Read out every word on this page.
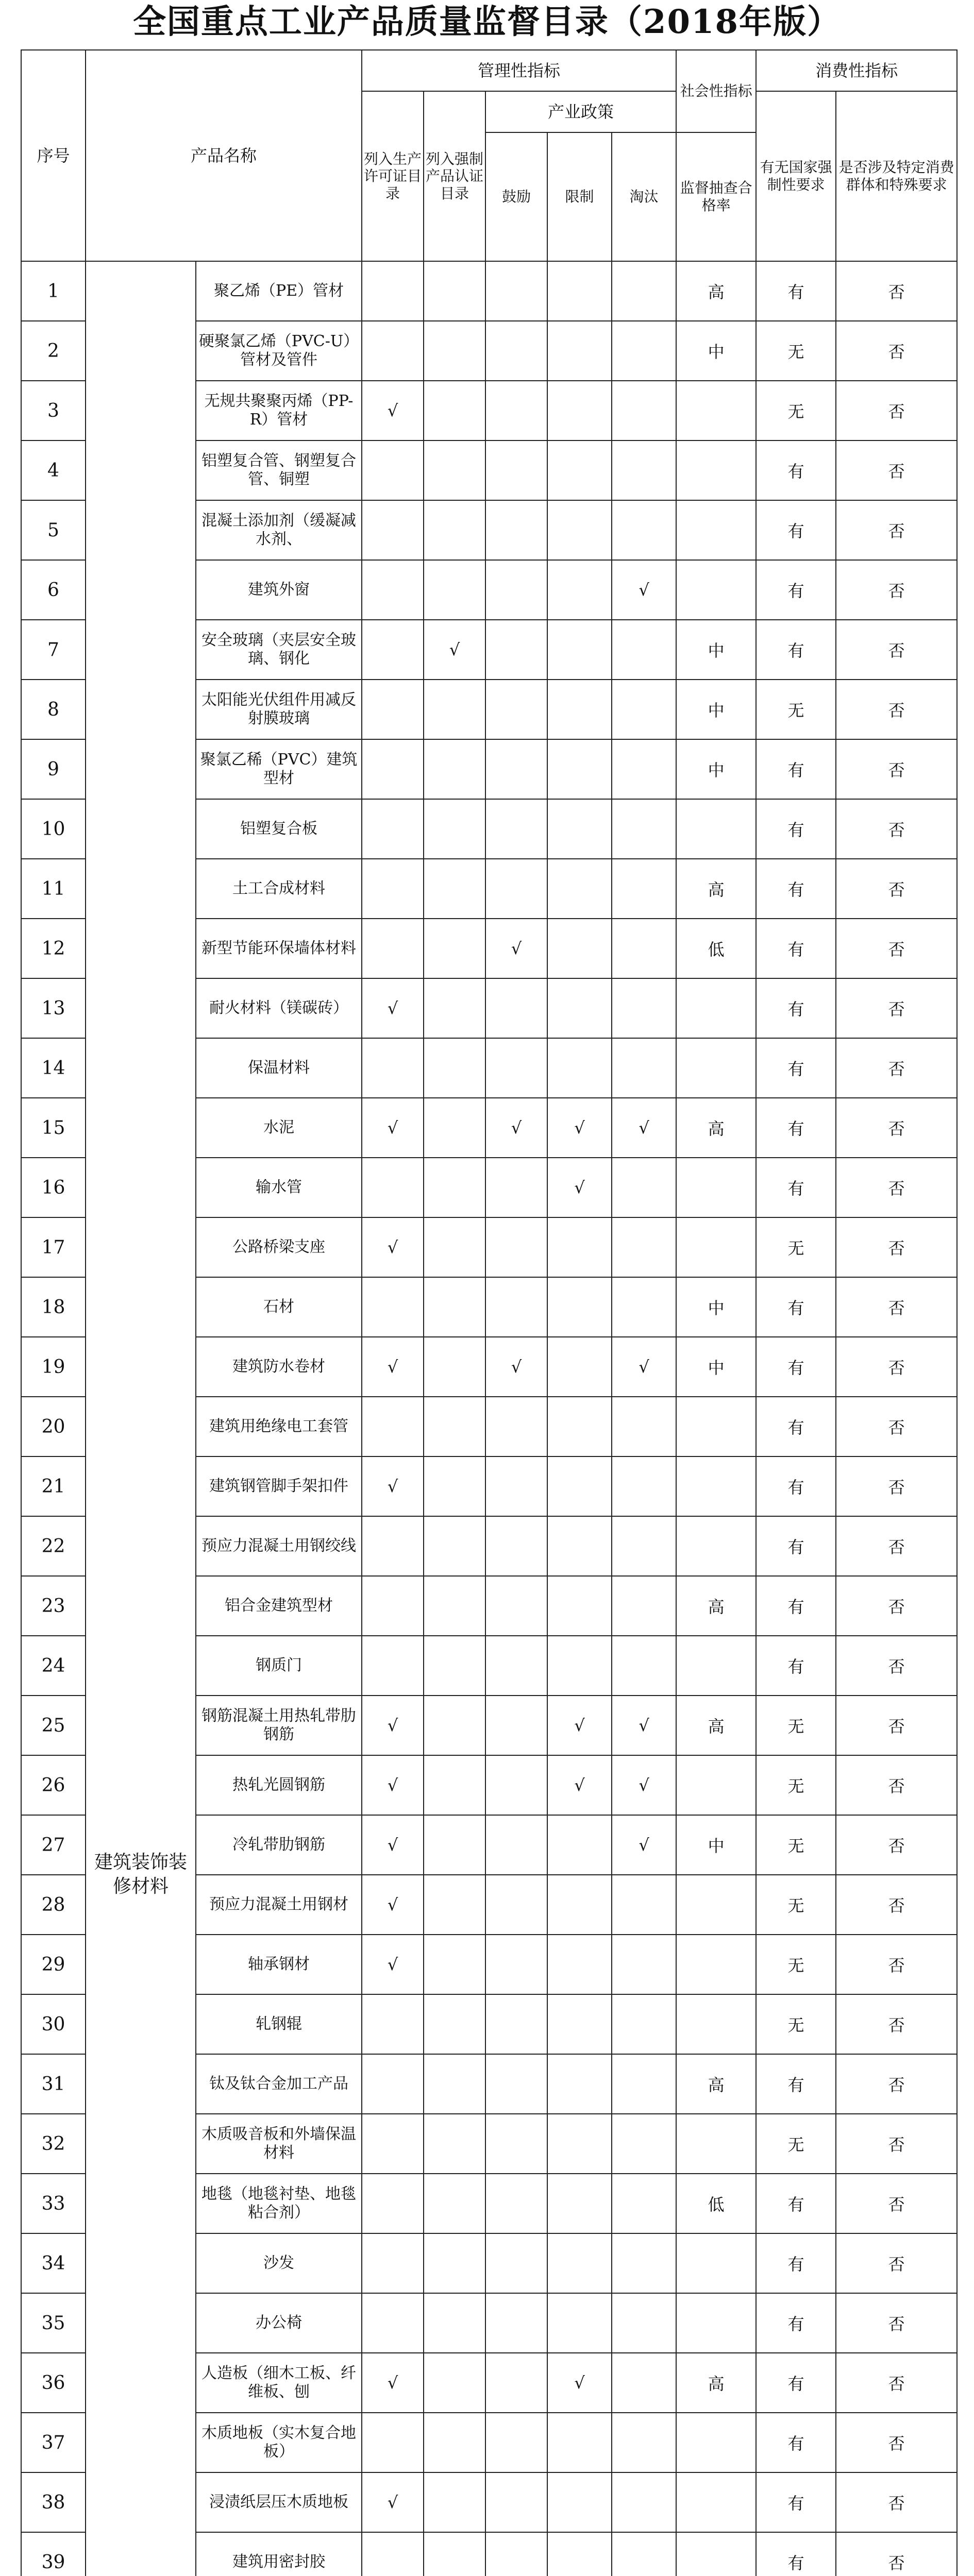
全国重点工业产品质量监督目录（2018年版）
序号	产品名称		管理性指标					社会性指标	消费性指标	
			列入生产许可证目录	列入强制产品认证目录	产业政策				有无国家强制性要求	是否涉及特定消费群体和特殊要求
					鼓励	限制	淘汰	监督抽查合格率		
1	建筑装饰装修材料	聚乙烯（PE）管材						高	有	否
2		硬聚氯乙烯（PVC-U）管材及管件						中	无	否
3		无规共聚聚丙烯（PP-R）管材	√						无	否
4		铝塑复合管、钢塑复合管、铜塑							有	否
5		混凝土添加剂（缓凝减水剂、							有	否
6		建筑外窗					√		有	否
7		安全玻璃（夹层安全玻璃、钢化		√				中	有	否
8		太阳能光伏组件用减反射膜玻璃						中	无	否
9		聚氯乙稀（PVC）建筑型材						中	有	否
10		铝塑复合板							有	否
11		土工合成材料						高	有	否
12		新型节能环保墙体材料			√			低	有	否
13		耐火材料（镁碳砖）	√						有	否
14		保温材料							有	否
15		水泥	√		√	√	√	高	有	否
16		输水管				√			有	否
17		公路桥梁支座	√						无	否
18		石材						中	有	否
19		建筑防水卷材	√		√		√	中	有	否
20		建筑用绝缘电工套管							有	否
21		建筑钢管脚手架扣件	√						有	否
22		预应力混凝土用钢绞线							有	否
23		铝合金建筑型材						高	有	否
24		钢质门							有	否
25		钢筋混凝土用热轧带肋钢筋	√			√	√	高	无	否
26		热轧光圆钢筋	√			√	√		无	否
27		冷轧带肋钢筋	√				√	中	无	否
28		预应力混凝土用钢材	√						无	否
29		轴承钢材	√						无	否
30		轧钢辊							无	否
31		钛及钛合金加工产品						高	有	否
32		木质吸音板和外墙保温材料							无	否
33		地毯（地毯衬垫、地毯粘合剂）						低	有	否
34		沙发							有	否
35		办公椅							有	否
36		人造板（细木工板、纤维板、刨	√			√		高	有	否
37		木质地板（实木复合地板）							有	否
38		浸渍纸层压木质地板	√						有	否
39		建筑用密封胶							有	否
